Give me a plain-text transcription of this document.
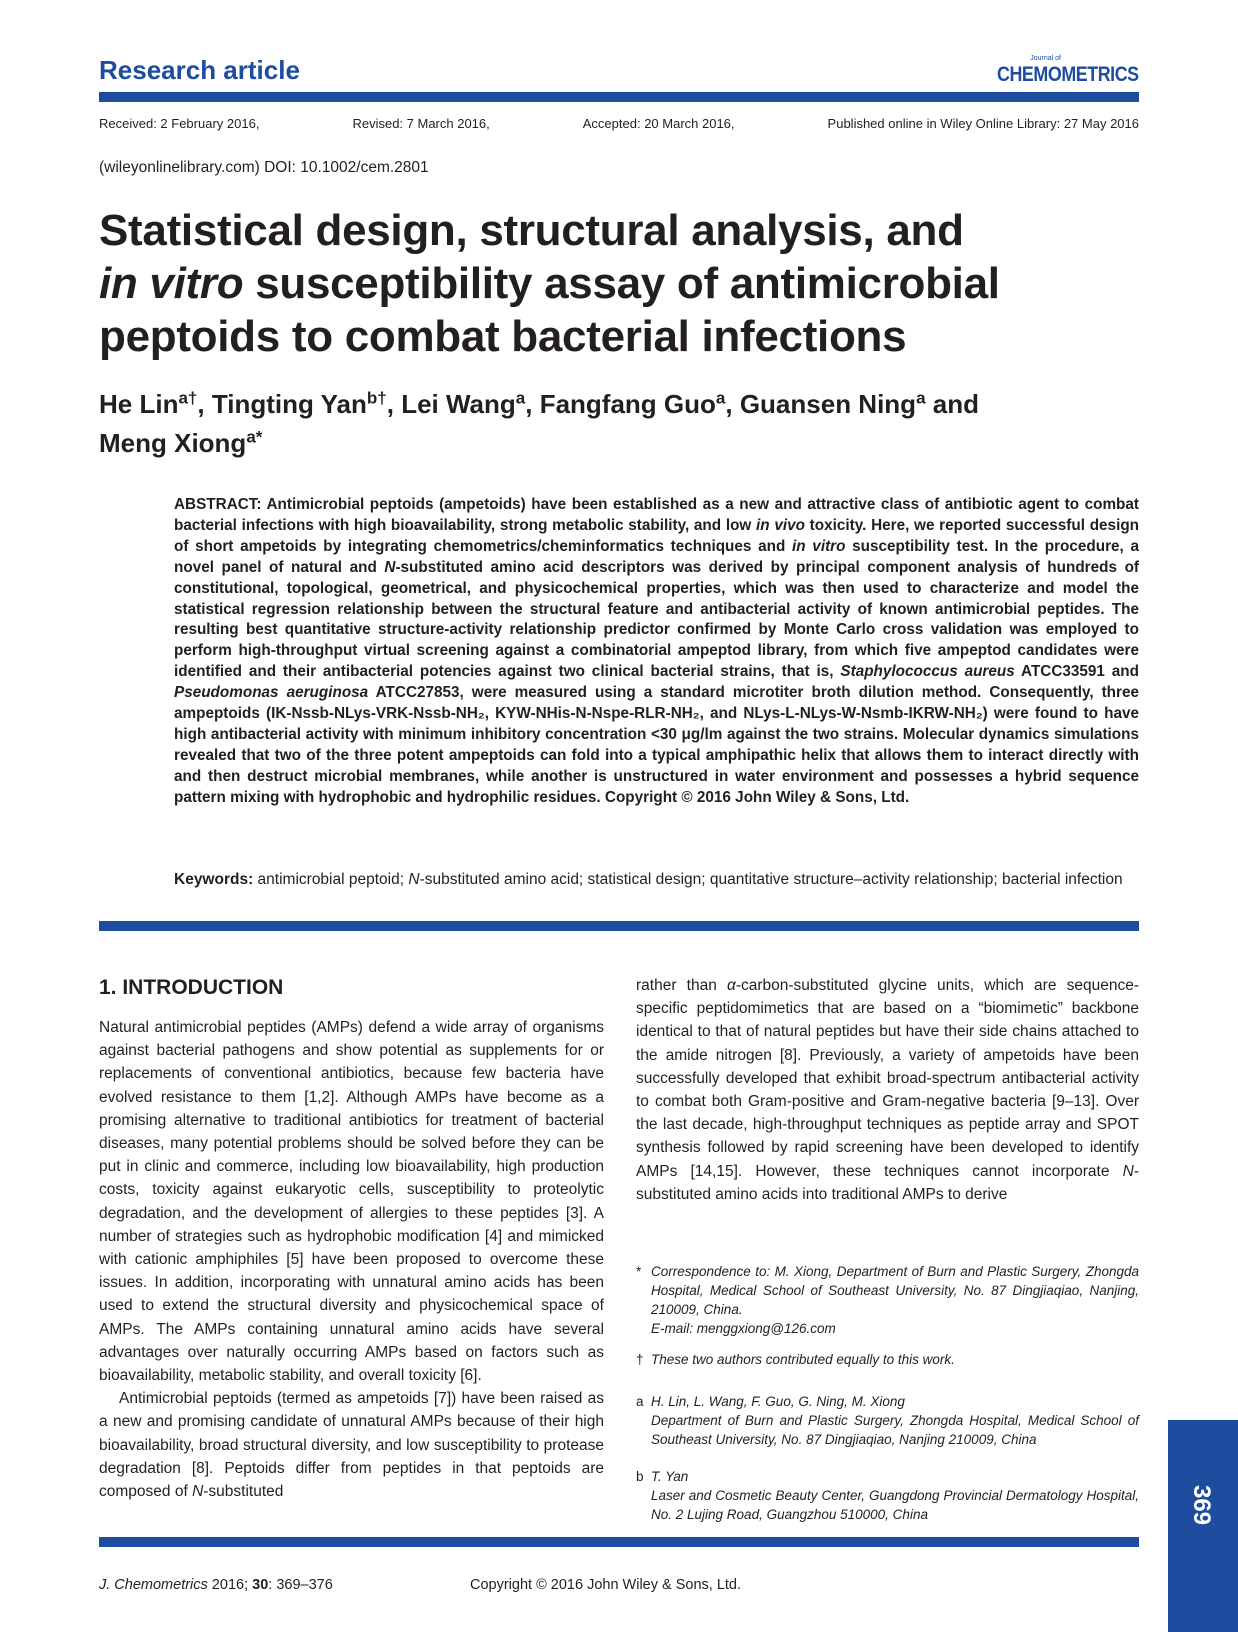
Research article	Journal of
CHEMOMETRICS
Received: 2 February 2016,	Revised: 7 March 2016,	Accepted: 20 March 2016,	Published online in Wiley Online Library: 27 May 2016
(wileyonlinelibrary.com) DOI: 10.1002/cem.2801
Statistical design, structural analysis, and
in vitro susceptibility assay of antimicrobial
peptoids to combat bacterial infections
He Lin$^{a\dagger}$, Tingting Yan$^{b\dagger}$, Lei Wang$^a$, Fangfang Guo$^a$, Guansen Ning$^a$ and
Meng Xiong$^{a*}$
ABSTRACT: Antimicrobial peptoids (ampetoids) have been established as a new and attractive class of antibiotic agent to combat bacterial infections with high bioavailability, strong metabolic stability, and low in vivo toxicity. Here, we reported successful design of short ampetoids by integrating chemometrics/cheminformatics techniques and in vitro susceptibility test. In the procedure, a novel panel of natural and N-substituted amino acid descriptors was derived by principal component analysis of hundreds of constitutional, topological, geometrical, and physicochemical properties, which was then used to characterize and model the statistical regression relationship between the structural feature and antibacterial activity of known antimicrobial peptides. The resulting best quantitative structure-activity relationship predictor confirmed by Monte Carlo cross validation was employed to perform high-throughput virtual screening against a combinatorial ampeptod library, from which five ampeptod candidates were identified and their antibacterial potencies against two clinical bacterial strains, that is, Staphylococcus aureus ATCC33591 and Pseudomonas aeruginosa ATCC27853, were measured using a standard microtiter broth dilution method. Consequently, three ampeptoids (IK-Nssb-NLys-VRK-Nssb-NH₂, KYW-NHis-N-Nspe-RLR-NH₂, and NLys-L-NLys-W-Nsmb-IKRW-NH₂) were found to have high antibacterial activity with minimum inhibitory concentration <30 μg/lm against the two strains. Molecular dynamics simulations revealed that two of the three potent ampeptoids can fold into a typical amphipathic helix that allows them to interact directly with and then destruct microbial membranes, while another is unstructured in water environment and possesses a hybrid sequence pattern mixing with hydrophobic and hydrophilic residues. Copyright © 2016 John Wiley & Sons, Ltd.
Keywords: antimicrobial peptoid; N-substituted amino acid; statistical design; quantitative structure–activity relationship; bacterial infection
1. INTRODUCTION

Natural antimicrobial peptides (AMPs) defend a wide array of organisms against bacterial pathogens and show potential as supplements for or replacements of conventional antibiotics, because few bacteria have evolved resistance to them [1,2]. Although AMPs have become as a promising alternative to traditional antibiotics for treatment of bacterial diseases, many potential problems should be solved before they can be put in clinic and commerce, including low bioavailability, high production costs, toxicity against eukaryotic cells, susceptibility to proteolytic degradation, and the development of allergies to these peptides [3]. A number of strategies such as hydrophobic modification [4] and mimicked with cationic amphiphiles [5] have been proposed to overcome these issues. In addition, incorporating with unnatural amino acids has been used to extend the structural diversity and physicochemical space of AMPs. The AMPs containing unnatural amino acids have several advantages over naturally occurring AMPs based on factors such as bioavailability, metabolic stability, and overall toxicity [6].

Antimicrobial peptoids (termed as ampetoids [7]) have been raised as a new and promising candidate of unnatural AMPs because of their high bioavailability, broad structural diversity, and low susceptibility to protease degradation [8]. Peptoids differ from peptides in that peptoids are composed of N-substituted

rather than α-carbon-substituted glycine units, which are sequence-specific peptidomimetics that are based on a “biomimetic” backbone identical to that of natural peptides but have their side chains attached to the amide nitrogen [8]. Previously, a variety of ampetoids have been successfully developed that exhibit broad-spectrum antibacterial activity to combat both Gram-positive and Gram-negative bacteria [9–13]. Over the last decade, high-throughput techniques as peptide array and SPOT synthesis followed by rapid screening have been developed to identify AMPs [14,15]. However, these techniques cannot incorporate N-substituted amino acids into traditional AMPs to derive
* Correspondence to: M. Xiong, Department of Burn and Plastic Surgery, Zhongda Hospital, Medical School of Southeast University, No. 87 Dingjiaqiao, Nanjing, 210009, China.
E-mail: menggxiong@126.com
† These two authors contributed equally to this work.
a H. Lin, L. Wang, F. Guo, G. Ning, M. Xiong
Department of Burn and Plastic Surgery, Zhongda Hospital, Medical School of Southeast University, No. 87 Dingjiaqiao, Nanjing 210009, China
b T. Yan
Laser and Cosmetic Beauty Center, Guangdong Provincial Dermatology Hospital, No. 2 Lujing Road, Guangzhou 510000, China
J. Chemometrics 2016; 30: 369–376	Copyright © 2016 John Wiley & Sons, Ltd.
369
